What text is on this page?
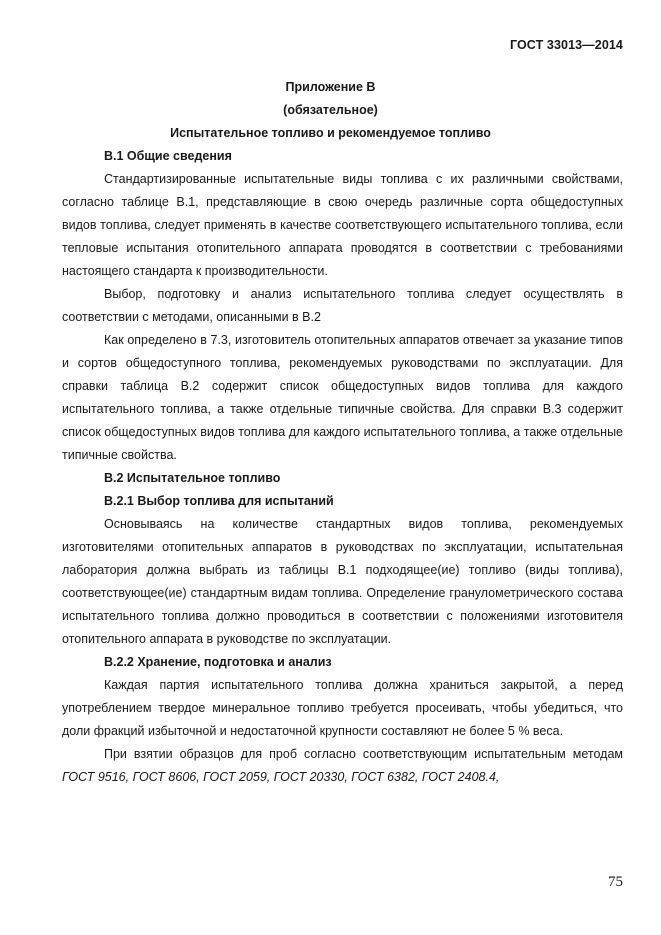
ГОСТ 33013—2014
Приложение В
(обязательное)
Испытательное топливо и рекомендуемое топливо
В.1 Общие сведения

Стандартизированные испытательные виды топлива с их различными свойствами, согласно таблице В.1, представляющие в свою очередь различные сорта общедоступных видов топлива, следует применять в качестве соответствующего испытательного топлива, если тепловые испытания отопительного аппарата проводятся в соответствии с требованиями настоящего стандарта к производительности.

Выбор, подготовку и анализ испытательного топлива следует осуществлять в соответствии с методами, описанными в В.2

Как определено в 7.3, изготовитель отопительных аппаратов отвечает за указание типов и сортов общедоступного топлива, рекомендуемых руководствами по эксплуатации. Для справки таблица В.2 содержит список общедоступных видов топлива для каждого испытательного топлива, а также отдельные типичные свойства. Для справки В.3 содержит список общедоступных видов топлива для каждого испытательного топлива, а также отдельные типичные свойства.

В.2 Испытательное топливо
В.2.1 Выбор топлива для испытаний

Основываясь на количестве стандартных видов топлива, рекомендуемых изготовителями отопительных аппаратов в руководствах по эксплуатации, испытательная лаборатория должна выбрать из таблицы В.1 подходящее(ие) топливо (виды топлива), соответствующее(ие) стандартным видам топлива. Определение гранулометрического состава испытательного топлива должно проводиться в соответствии с положениями изготовителя отопительного аппарата в руководстве по эксплуатации.

В.2.2 Хранение, подготовка и анализ

Каждая партия испытательного топлива должна храниться закрытой, а перед употреблением твердое минеральное топливо требуется просеивать, чтобы убедиться, что доли фракций избыточной и недостаточной крупности составляют не более 5 % веса.

При взятии образцов для проб согласно соответствующим испытательным методам ГОСТ 9516, ГОСТ 8606, ГОСТ 2059, ГОСТ 20330, ГОСТ 6382, ГОСТ 2408.4,

75
